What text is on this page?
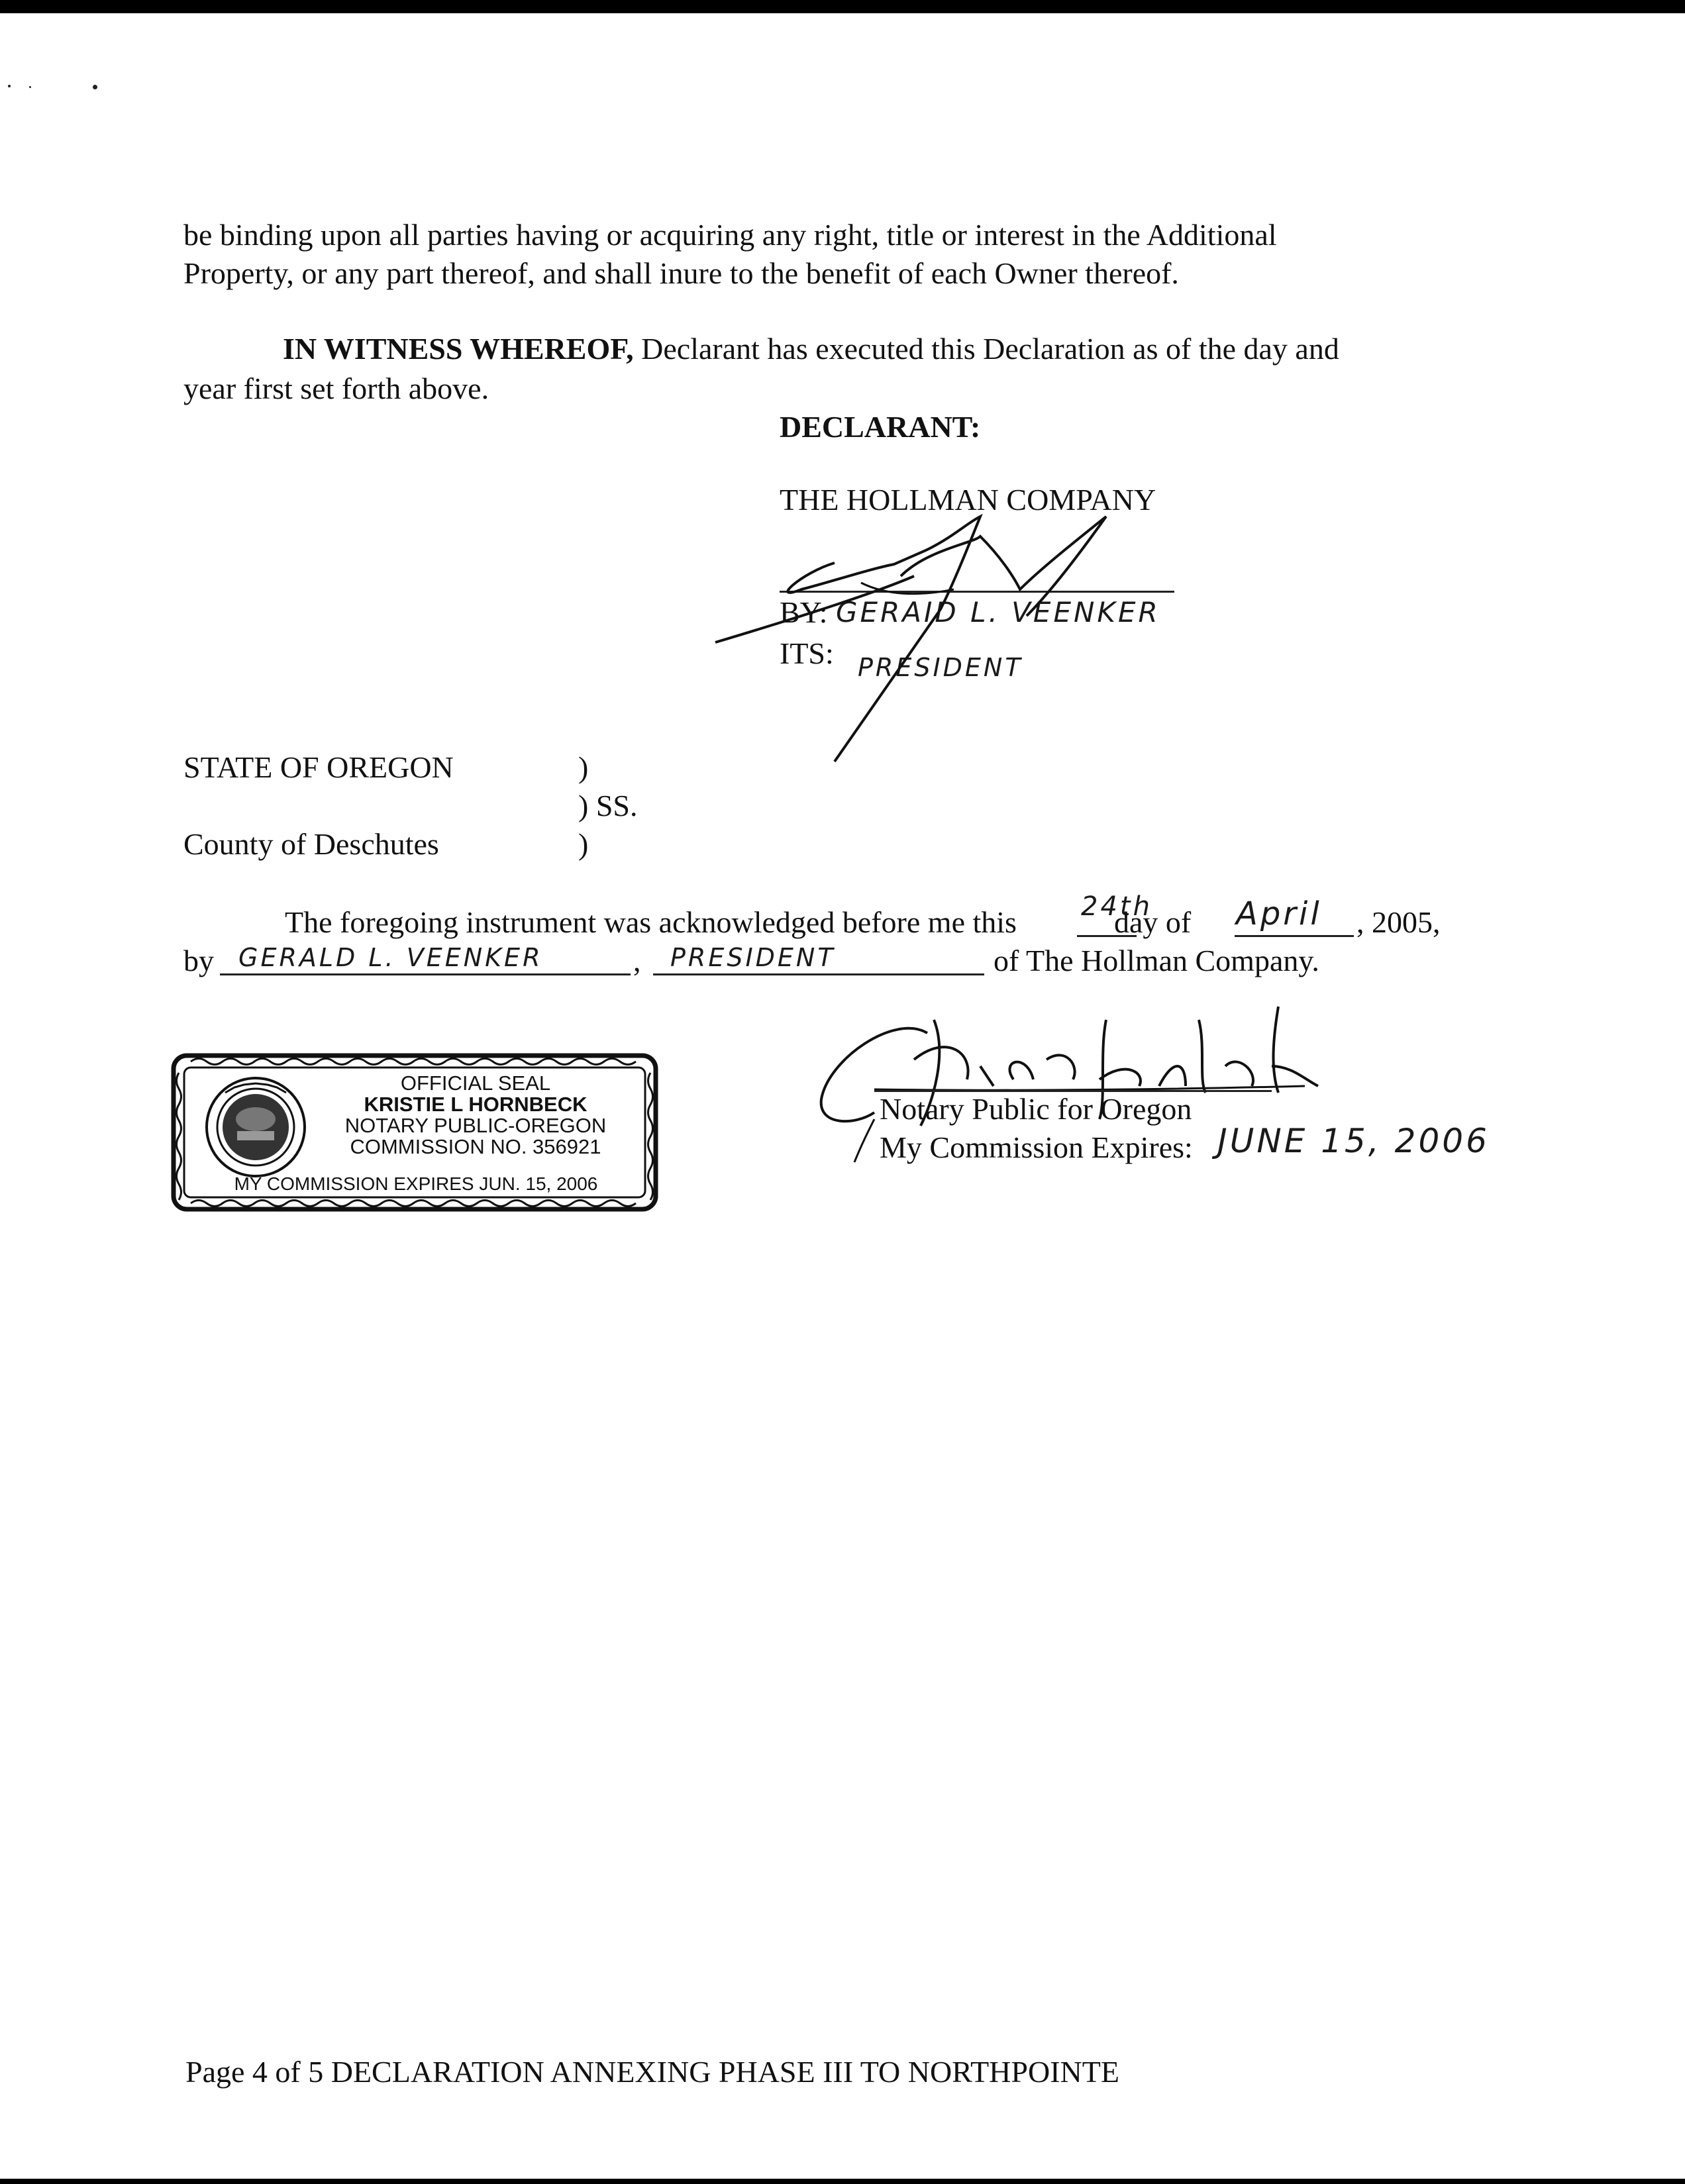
be binding upon all parties having or acquiring any right, title or interest in the Additional
Property, or any part thereof, and shall inure to the benefit of each Owner thereof.
IN WITNESS WHEREOF, Declarant has executed this Declaration as of the day and
year first set forth above.
DECLARANT:
THE HOLLMAN COMPANY
BY: GERAID L. VEENKER
ITS: PRESIDENT
STATE OF OREGON	)
) SS.
County of Deschutes	)
The foregoing instrument was acknowledged before me this 24th
day of April , 2005,
by GERALD L. VEENKER	, PRESIDENT	of The Hollman Company.
OFFICIAL SEAL
KRISTIE L HORNBECK
NOTARY PUBLIC-OREGON
COMMISSION NO. 356921
MY COMMISSION EXPIRES JUN. 15, 2006
Notary Public for Oregon
My Commission Expires: JUNE 15, 2006
Page 4 of 5 DECLARATION ANNEXING PHASE III TO NORTHPOINTE
